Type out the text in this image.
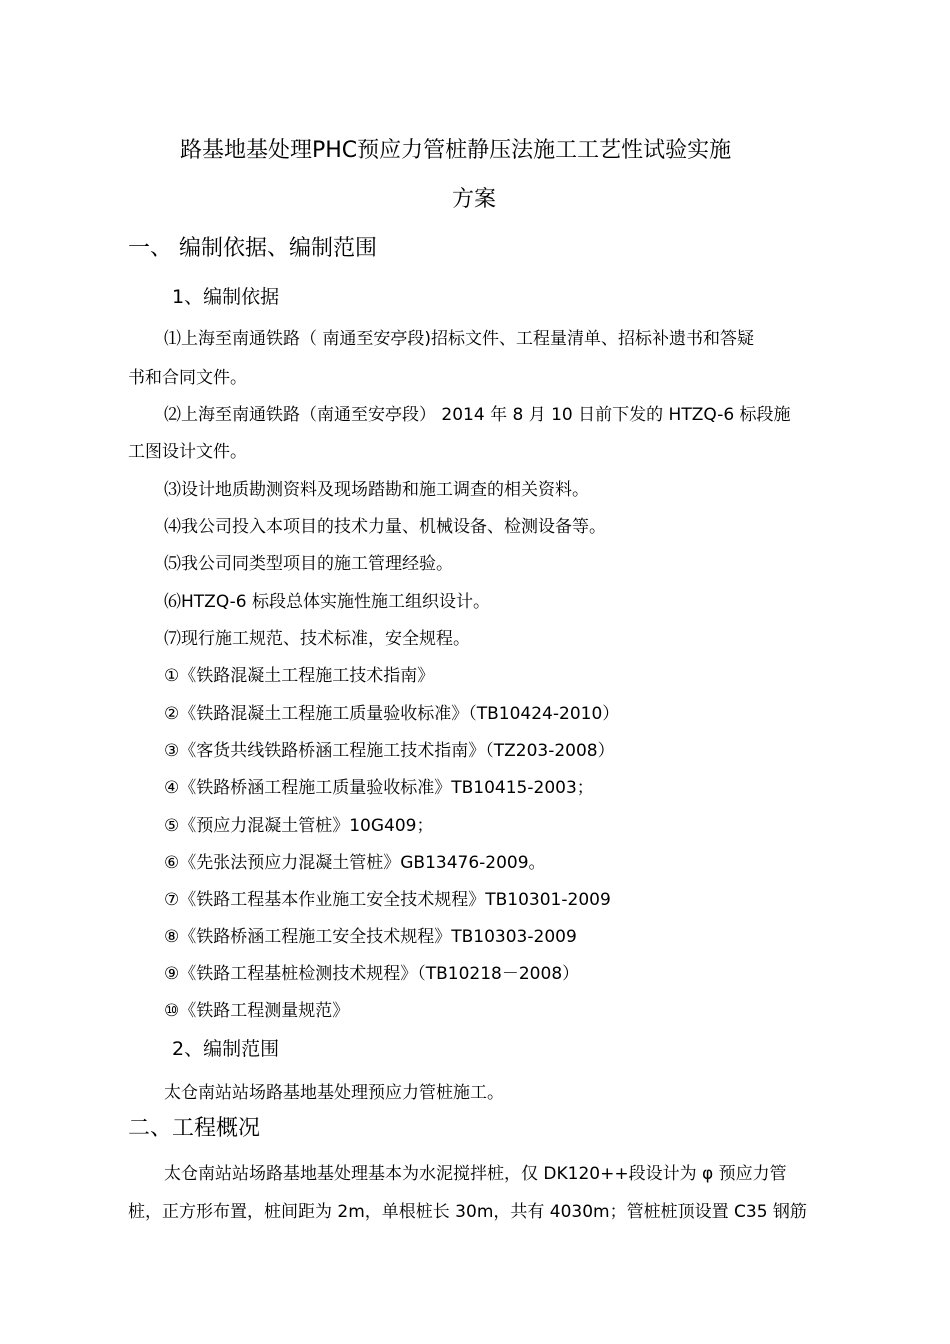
路基地基处理PHC预应力管桩静压法施工工艺性试验实施
方案
一、 编制依据、编制范围
1、编制依据
⑴上海至南通铁路（ 南通至安亭段)招标文件、工程量清单、招标补遗书和答疑
书和合同文件。
⑵上海至南通铁路（南通至安亭段） 2014 年 8 月 10 日前下发的 HTZQ-6 标段施
工图设计文件。
⑶设计地质勘测资料及现场踏勘和施工调查的相关资料。
⑷我公司投入本项目的技术力量、机械设备、检测设备等。
⑸我公司同类型项目的施工管理经验。
⑹HTZQ-6 标段总体实施性施工组织设计。
⑺现行施工规范、技术标准，安全规程。
①《铁路混凝土工程施工技术指南》
②《铁路混凝土工程施工质量验收标准》（TB10424-2010）
③《客货共线铁路桥涵工程施工技术指南》（TZ203-2008）
④《铁路桥涵工程施工质量验收标准》TB10415-2003；
⑤《预应力混凝土管桩》10G409；
⑥《先张法预应力混凝土管桩》GB13476-2009。
⑦《铁路工程基本作业施工安全技术规程》TB10301-2009
⑧《铁路桥涵工程施工安全技术规程》TB10303-2009
⑨《铁路工程基桩检测技术规程》（TB10218－2008）
⑩《铁路工程测量规范》
2、编制范围
太仓南站站场路基地基处理预应力管桩施工。
二、工程概况
太仓南站站场路基地基处理基本为水泥搅拌桩，仅 DK120++段设计为 φ 预应力管
桩，正方形布置，桩间距为 2m，单根桩长 30m，共有 4030m；管桩桩顶设置 C35 钢筋
